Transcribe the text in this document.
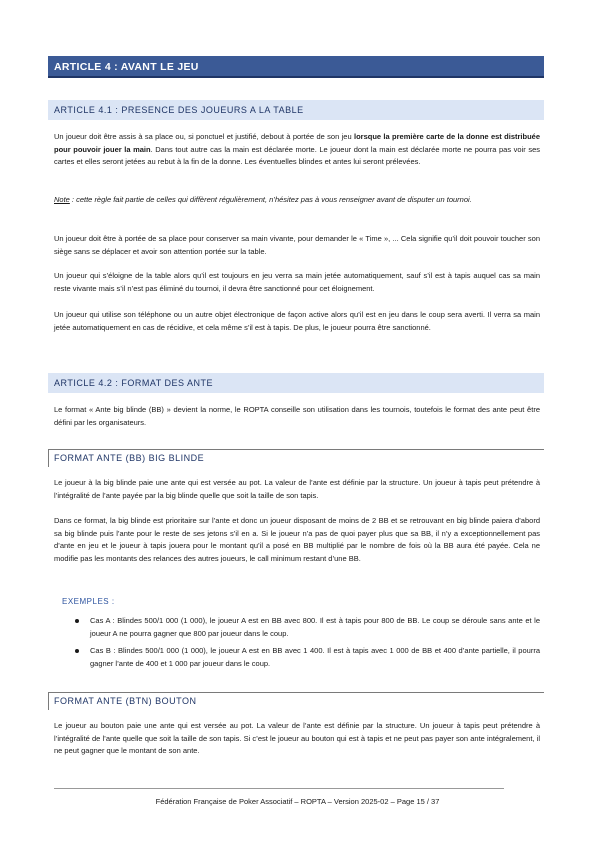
ARTICLE 4 : AVANT LE JEU
ARTICLE 4.1 : PRESENCE DES JOUEURS A LA TABLE

Un joueur doit être assis à sa place ou, si ponctuel et justifié, debout à portée de son jeu lorsque la première carte de la donne est distribuée pour pouvoir jouer la main. Dans tout autre cas la main est déclarée morte. Le joueur dont la main est déclarée morte ne pourra pas voir ses cartes et elles seront jetées au rebut à la fin de la donne. Les éventuelles blindes et antes lui seront prélevées.

Note : cette règle fait partie de celles qui diffèrent régulièrement, n’hésitez pas à vous renseigner avant de disputer un tournoi.

Un joueur doit être à portée de sa place pour conserver sa main vivante, pour demander le « Time », ... Cela signifie qu’il doit pouvoir toucher son siège sans se déplacer et avoir son attention portée sur la table.

Un joueur qui s’éloigne de la table alors qu’il est toujours en jeu verra sa main jetée automatiquement, sauf s’il est à tapis auquel cas sa main reste vivante mais s’il n’est pas éliminé du tournoi, il devra être sanctionné pour cet éloignement.

Un joueur qui utilise son téléphone ou un autre objet électronique de façon active alors qu’il est en jeu dans le coup sera averti. Il verra sa main jetée automatiquement en cas de récidive, et cela même s’il est à tapis. De plus, le joueur pourra être sanctionné.

ARTICLE 4.2 : FORMAT DES ANTE

Le format « Ante big blinde (BB) » devient la norme, le ROPTA conseille son utilisation dans les tournois, toutefois le format des ante peut être défini par les organisateurs.

FORMAT ANTE (BB) BIG BLINDE

Le joueur à la big blinde paie une ante qui est versée au pot. La valeur de l’ante est définie par la structure. Un joueur à tapis peut prétendre à l’intégralité de l’ante payée par la big blinde quelle que soit la taille de son tapis.

Dans ce format, la big blinde est prioritaire sur l’ante et donc un joueur disposant de moins de 2 BB et se retrouvant en big blinde paiera d’abord sa big blinde puis l’ante pour le reste de ses jetons s’il en a. Si le joueur n’a pas de quoi payer plus que sa BB, il n’y a exceptionnellement pas d’ante en jeu et le joueur à tapis jouera pour le montant qu’il a posé en BB multiplié par le nombre de fois où la BB aura été payée. Cela ne modifie pas les montants des relances des autres joueurs, le call minimum restant d’une BB.

EXEMPLES :
Cas A : Blindes 500/1 000 (1 000), le joueur A est en BB avec 800. Il est à tapis pour 800 de BB. Le coup se déroule sans ante et le joueur A ne pourra gagner que 800 par joueur dans le coup.
Cas B : Blindes 500/1 000 (1 000), le joueur A est en BB avec 1 400. Il est à tapis avec 1 000 de BB et 400 d’ante partielle, il pourra gagner l’ante de 400 et 1 000 par joueur dans le coup.
FORMAT ANTE (BTN) BOUTON

Le joueur au bouton paie une ante qui est versée au pot. La valeur de l’ante est définie par la structure. Un joueur à tapis peut prétendre à l’intégralité de l’ante quelle que soit la taille de son tapis. Si c’est le joueur au bouton qui est à tapis et ne peut pas payer son ante intégralement, il ne peut gagner que le montant de son ante.

Fédération Française de Poker Associatif – ROPTA – Version 2025-02 – Page 15 / 37
